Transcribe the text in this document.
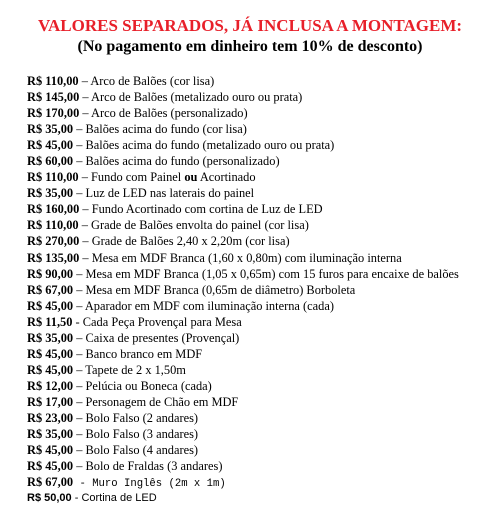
VALORES SEPARADOS, JÁ INCLUSA A MONTAGEM:
(No pagamento em dinheiro tem 10% de desconto)
R$ 110,00 – Arco de Balões (cor lisa)
R$ 145,00 – Arco de Balões (metalizado ouro ou prata)
R$ 170,00 – Arco de Balões (personalizado)
R$ 35,00 – Balões acima do fundo (cor lisa)
R$ 45,00 – Balões acima do fundo (metalizado ouro ou prata)
R$ 60,00 – Balões acima do fundo (personalizado)
R$ 110,00 – Fundo com Painel ou Acortinado
R$ 35,00 – Luz de LED nas laterais do painel
R$ 160,00 – Fundo Acortinado com cortina de Luz de LED
R$ 110,00 – Grade de Balões envolta do painel (cor lisa)
R$ 270,00 – Grade de Balões 2,40 x 2,20m (cor lisa)
R$ 135,00 – Mesa em MDF Branca (1,60 x 0,80m) com iluminação interna
R$ 90,00 – Mesa em MDF Branca (1,05 x 0,65m) com 15 furos para encaixe de balões
R$ 67,00 – Mesa em MDF Branca (0,65m de diâmetro) Borboleta
R$ 45,00 – Aparador em MDF com iluminação interna (cada)
R$ 11,50 - Cada Peça Provençal para Mesa
R$ 35,00 – Caixa de presentes (Provençal)
R$ 45,00 – Banco branco em MDF
R$ 45,00 – Tapete de 2 x 1,50m
R$ 12,00 – Pelúcia ou Boneca (cada)
R$ 17,00 – Personagem de Chão em MDF
R$ 23,00 – Bolo Falso (2 andares)
R$ 35,00 – Bolo Falso (3 andares)
R$ 45,00 – Bolo Falso (4 andares)
R$ 45,00 – Bolo de Fraldas (3 andares)
R$ 67,00 - Muro Inglês (2m x 1m)
R$ 50,00 - Cortina de LED
